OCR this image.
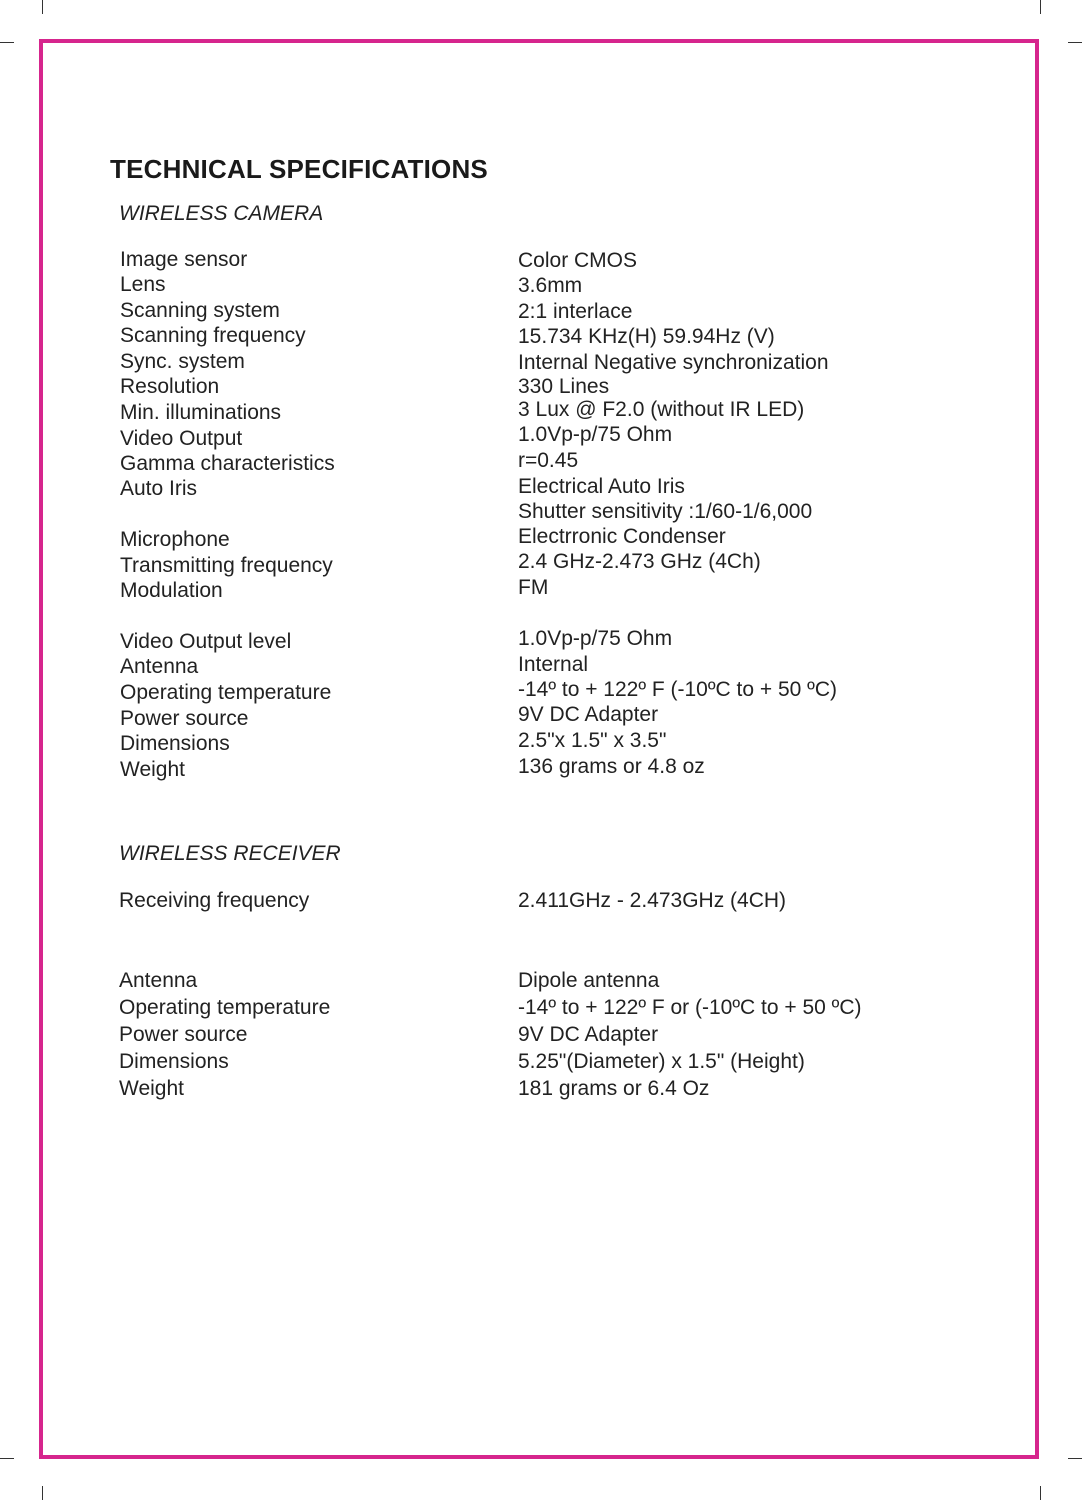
TECHNICAL SPECIFICATIONS
WIRELESS CAMERA
Image sensor
Lens
Scanning system
Scanning frequency
Sync. system
Resolution
Min. illuminations
Video Output
Gamma characteristics
Auto Iris
Microphone
Transmitting frequency
Modulation
Video Output level
Antenna
Operating temperature
Power source
Dimensions
Weight
Color CMOS
3.6mm
2:1 interlace
15.734 KHz(H) 59.94Hz (V)
Internal Negative synchronization
330 Lines
3 Lux @ F2.0 (without IR LED)
1.0Vp-p/75 Ohm
r=0.45
Electrical Auto Iris
Shutter sensitivity :1/60-1/6,000
Electrronic Condenser
2.4 GHz-2.473 GHz (4Ch)
FM
1.0Vp-p/75 Ohm
Internal
-14º to + 122º F (-10ºC to + 50 ºC)
9V DC Adapter
2.5"x 1.5" x 3.5"
136 grams or 4.8 oz
WIRELESS RECEIVER
Receiving frequency
Antenna
Operating temperature
Power source
Dimensions
Weight
2.411GHz - 2.473GHz (4CH)
Dipole antenna
-14º to + 122º F or (-10ºC to + 50 ºC)
9V DC Adapter
5.25"(Diameter) x 1.5" (Height)
181 grams or 6.4 Oz
